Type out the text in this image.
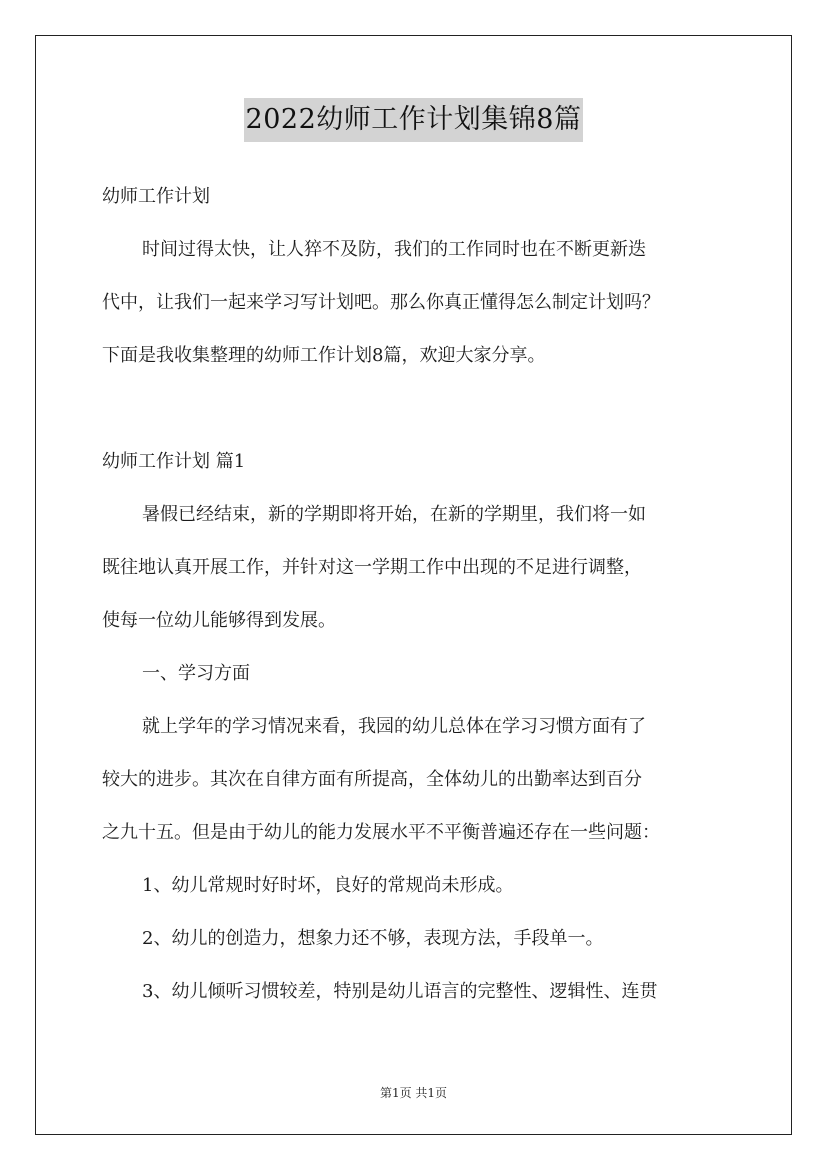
2022幼师工作计划集锦8篇
幼师工作计划
时间过得太快，让人猝不及防，我们的工作同时也在不断更新迭
代中，让我们一起来学习写计划吧。那么你真正懂得怎么制定计划吗？
下面是我收集整理的幼师工作计划8篇，欢迎大家分享。
幼师工作计划 篇1
暑假已经结束，新的学期即将开始，在新的学期里，我们将一如
既往地认真开展工作，并针对这一学期工作中出现的不足进行调整，
使每一位幼儿能够得到发展。
一、学习方面
就上学年的学习情况来看，我园的幼儿总体在学习习惯方面有了
较大的进步。其次在自律方面有所提高，全体幼儿的出勤率达到百分
之九十五。但是由于幼儿的能力发展水平不平衡普遍还存在一些问题：
1、幼儿常规时好时坏，良好的常规尚未形成。
2、幼儿的创造力，想象力还不够，表现方法，手段单一。
3、幼儿倾听习惯较差，特别是幼儿语言的完整性、逻辑性、连贯
第1页 共1页
